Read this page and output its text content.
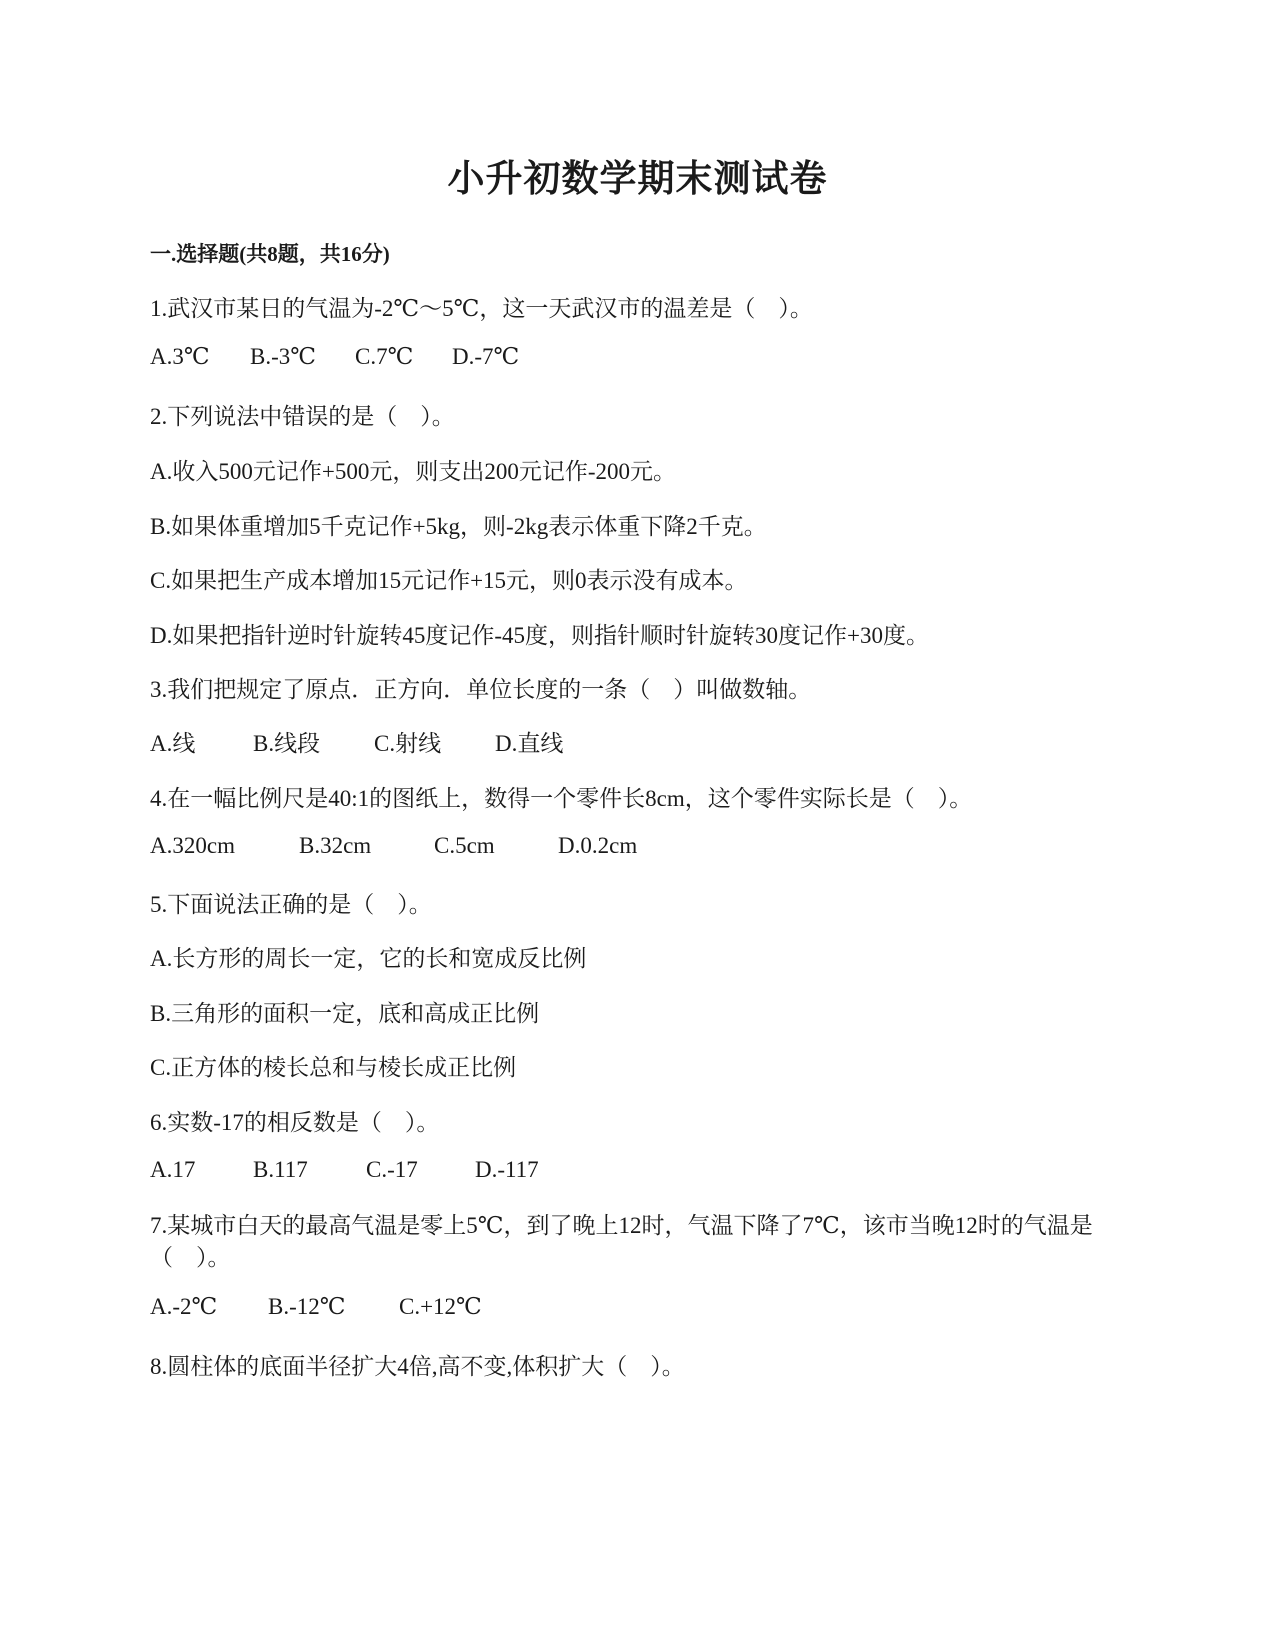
小升初数学期末测试卷
一.选择题(共8题，共16分)
1.武汉市某日的气温为-2℃～5℃，这一天武汉市的温差是（　）。
A.3℃ B.-3℃ C.7℃ D.-7℃
2.下列说法中错误的是（　）。
A.收入500元记作+500元，则支出200元记作-200元。
B.如果体重增加5千克记作+5kg，则-2kg表示体重下降2千克。
C.如果把生产成本增加15元记作+15元，则0表示没有成本。
D.如果把指针逆时针旋转45度记作-45度，则指针顺时针旋转30度记作+30度。
3.我们把规定了原点．正方向．单位长度的一条（　）叫做数轴。
A.线	B.线段 C.射线 D.直线
4.在一幅比例尺是40:1的图纸上，数得一个零件长8cm，这个零件实际长是（　）。
A.320cm	B.32cm	C.5cm	D.0.2cm
5.下面说法正确的是（　）。
A.长方形的周长一定，它的长和宽成反比例
B.三角形的面积一定，底和高成正比例
C.正方体的棱长总和与棱长成正比例
6.实数-17的相反数是（　）。
A.17	B.117	C.-17 D.-117
7.某城市白天的最高气温是零上5℃，到了晚上12时，气温下降了7℃，该市当晚12时的气温是（　）。
A.-2℃ B.-12℃ C.+12℃
8.圆柱体的底面半径扩大4倍,高不变,体积扩大（　）。
